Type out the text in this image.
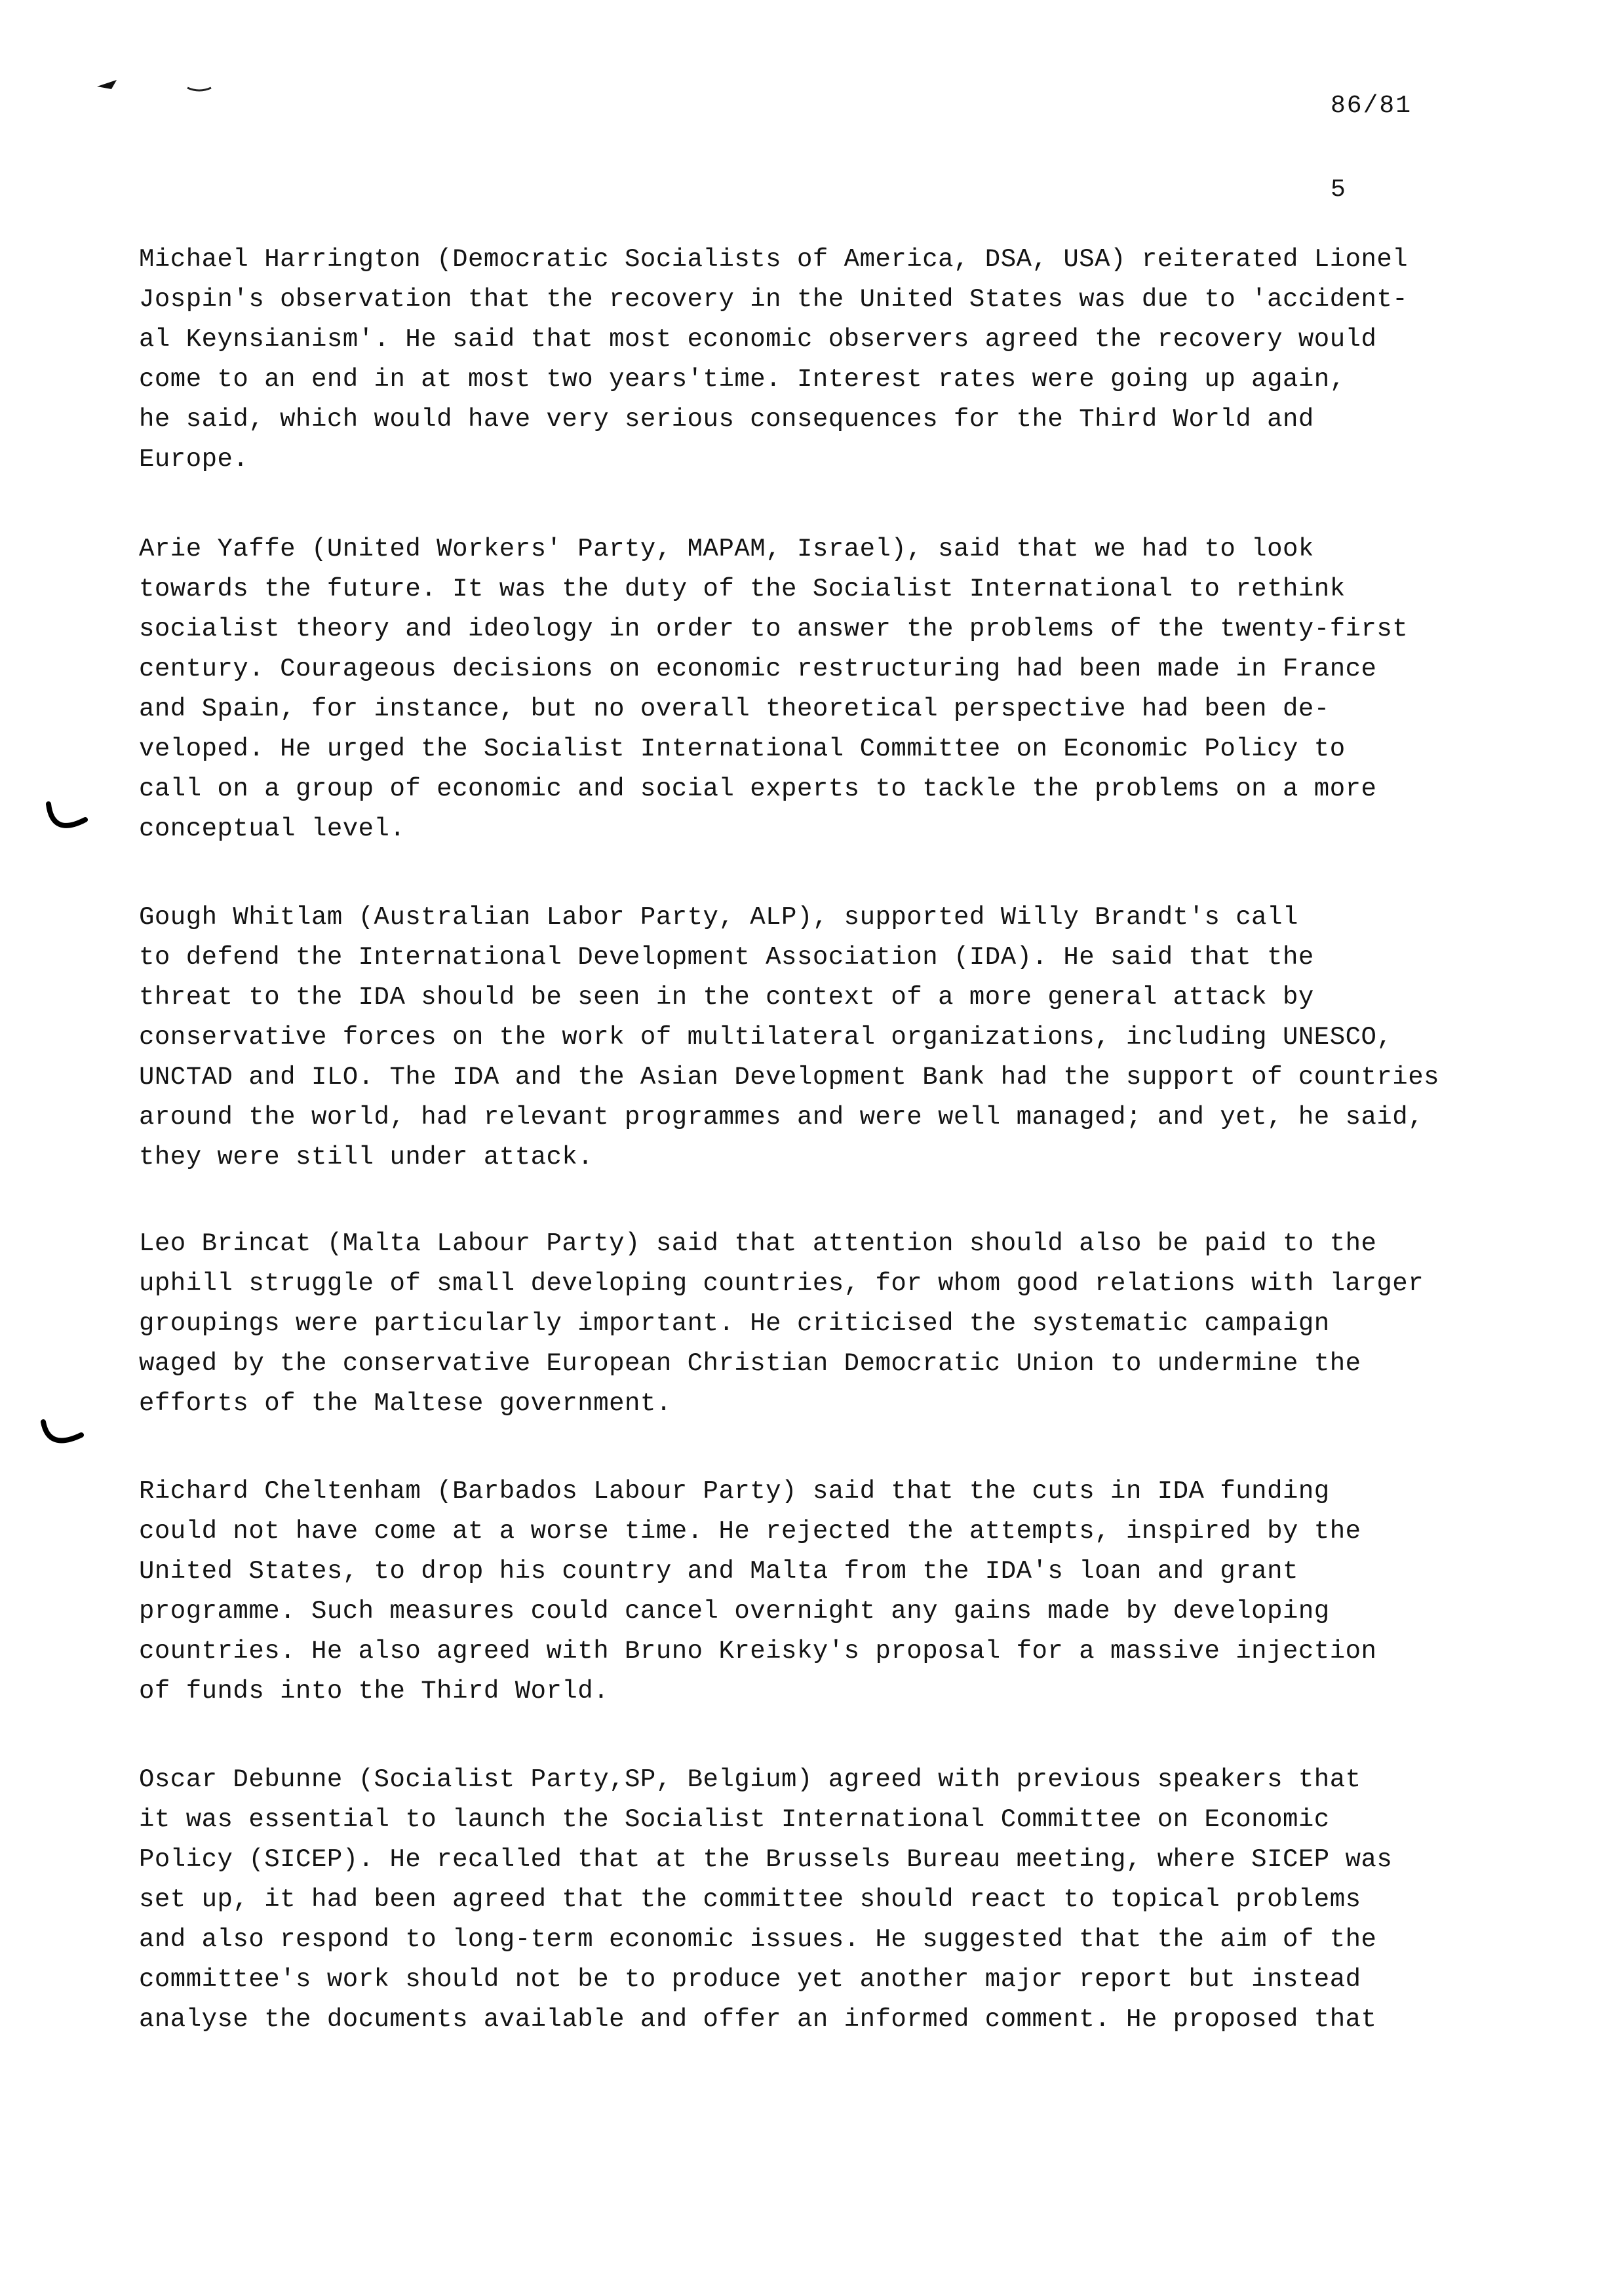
86/81
5
Michael Harrington (Democratic Socialists of America, DSA, USA) reiterated Lionel
Jospin's observation that the recovery in the United States was due to 'accident-
al Keynsianism'. He said that most economic observers agreed the recovery would
come to an end in at most two years'time. Interest rates were going up again,
he said, which would have very serious consequences for the Third World and
Europe.
Arie Yaffe (United Workers' Party, MAPAM, Israel), said that we had to look
towards the future. It was the duty of the Socialist International to rethink
socialist theory and ideology in order to answer the problems of the twenty-first
century. Courageous decisions on economic restructuring had been made in France
and Spain, for instance, but no overall theoretical perspective had been de-
veloped. He urged the Socialist International Committee on Economic Policy to
call on a group of economic and social experts to tackle the problems on a more
conceptual level.
Gough Whitlam (Australian Labor Party, ALP), supported Willy Brandt's call
to defend the International Development Association (IDA). He said that the
threat to the IDA should be seen in the context of a more general attack by
conservative forces on the work of multilateral organizations, including UNESCO,
UNCTAD and ILO. The IDA and the Asian Development Bank had the support of countries
around the world, had relevant programmes and were well managed; and yet, he said,
they were still under attack.
Leo Brincat (Malta Labour Party) said that attention should also be paid to the
uphill struggle of small developing countries, for whom good relations with larger
groupings were particularly important. He criticised the systematic campaign
waged by the conservative European Christian Democratic Union to undermine the
efforts of the Maltese government.
Richard Cheltenham (Barbados Labour Party) said that the cuts in IDA funding
could not have come at a worse time. He rejected the attempts, inspired by the
United States, to drop his country and Malta from the IDA's loan and grant
programme. Such measures could cancel overnight any gains made by developing
countries. He also agreed with Bruno Kreisky's proposal for a massive injection
of funds into the Third World.
Oscar Debunne (Socialist Party,SP, Belgium) agreed with previous speakers that
it was essential to launch the Socialist International Committee on Economic
Policy (SICEP). He recalled that at the Brussels Bureau meeting, where SICEP was
set up, it had been agreed that the committee should react to topical problems
and also respond to long-term economic issues. He suggested that the aim of the
committee's work should not be to produce yet another major report but instead
analyse the documents available and offer an informed comment. He proposed that
